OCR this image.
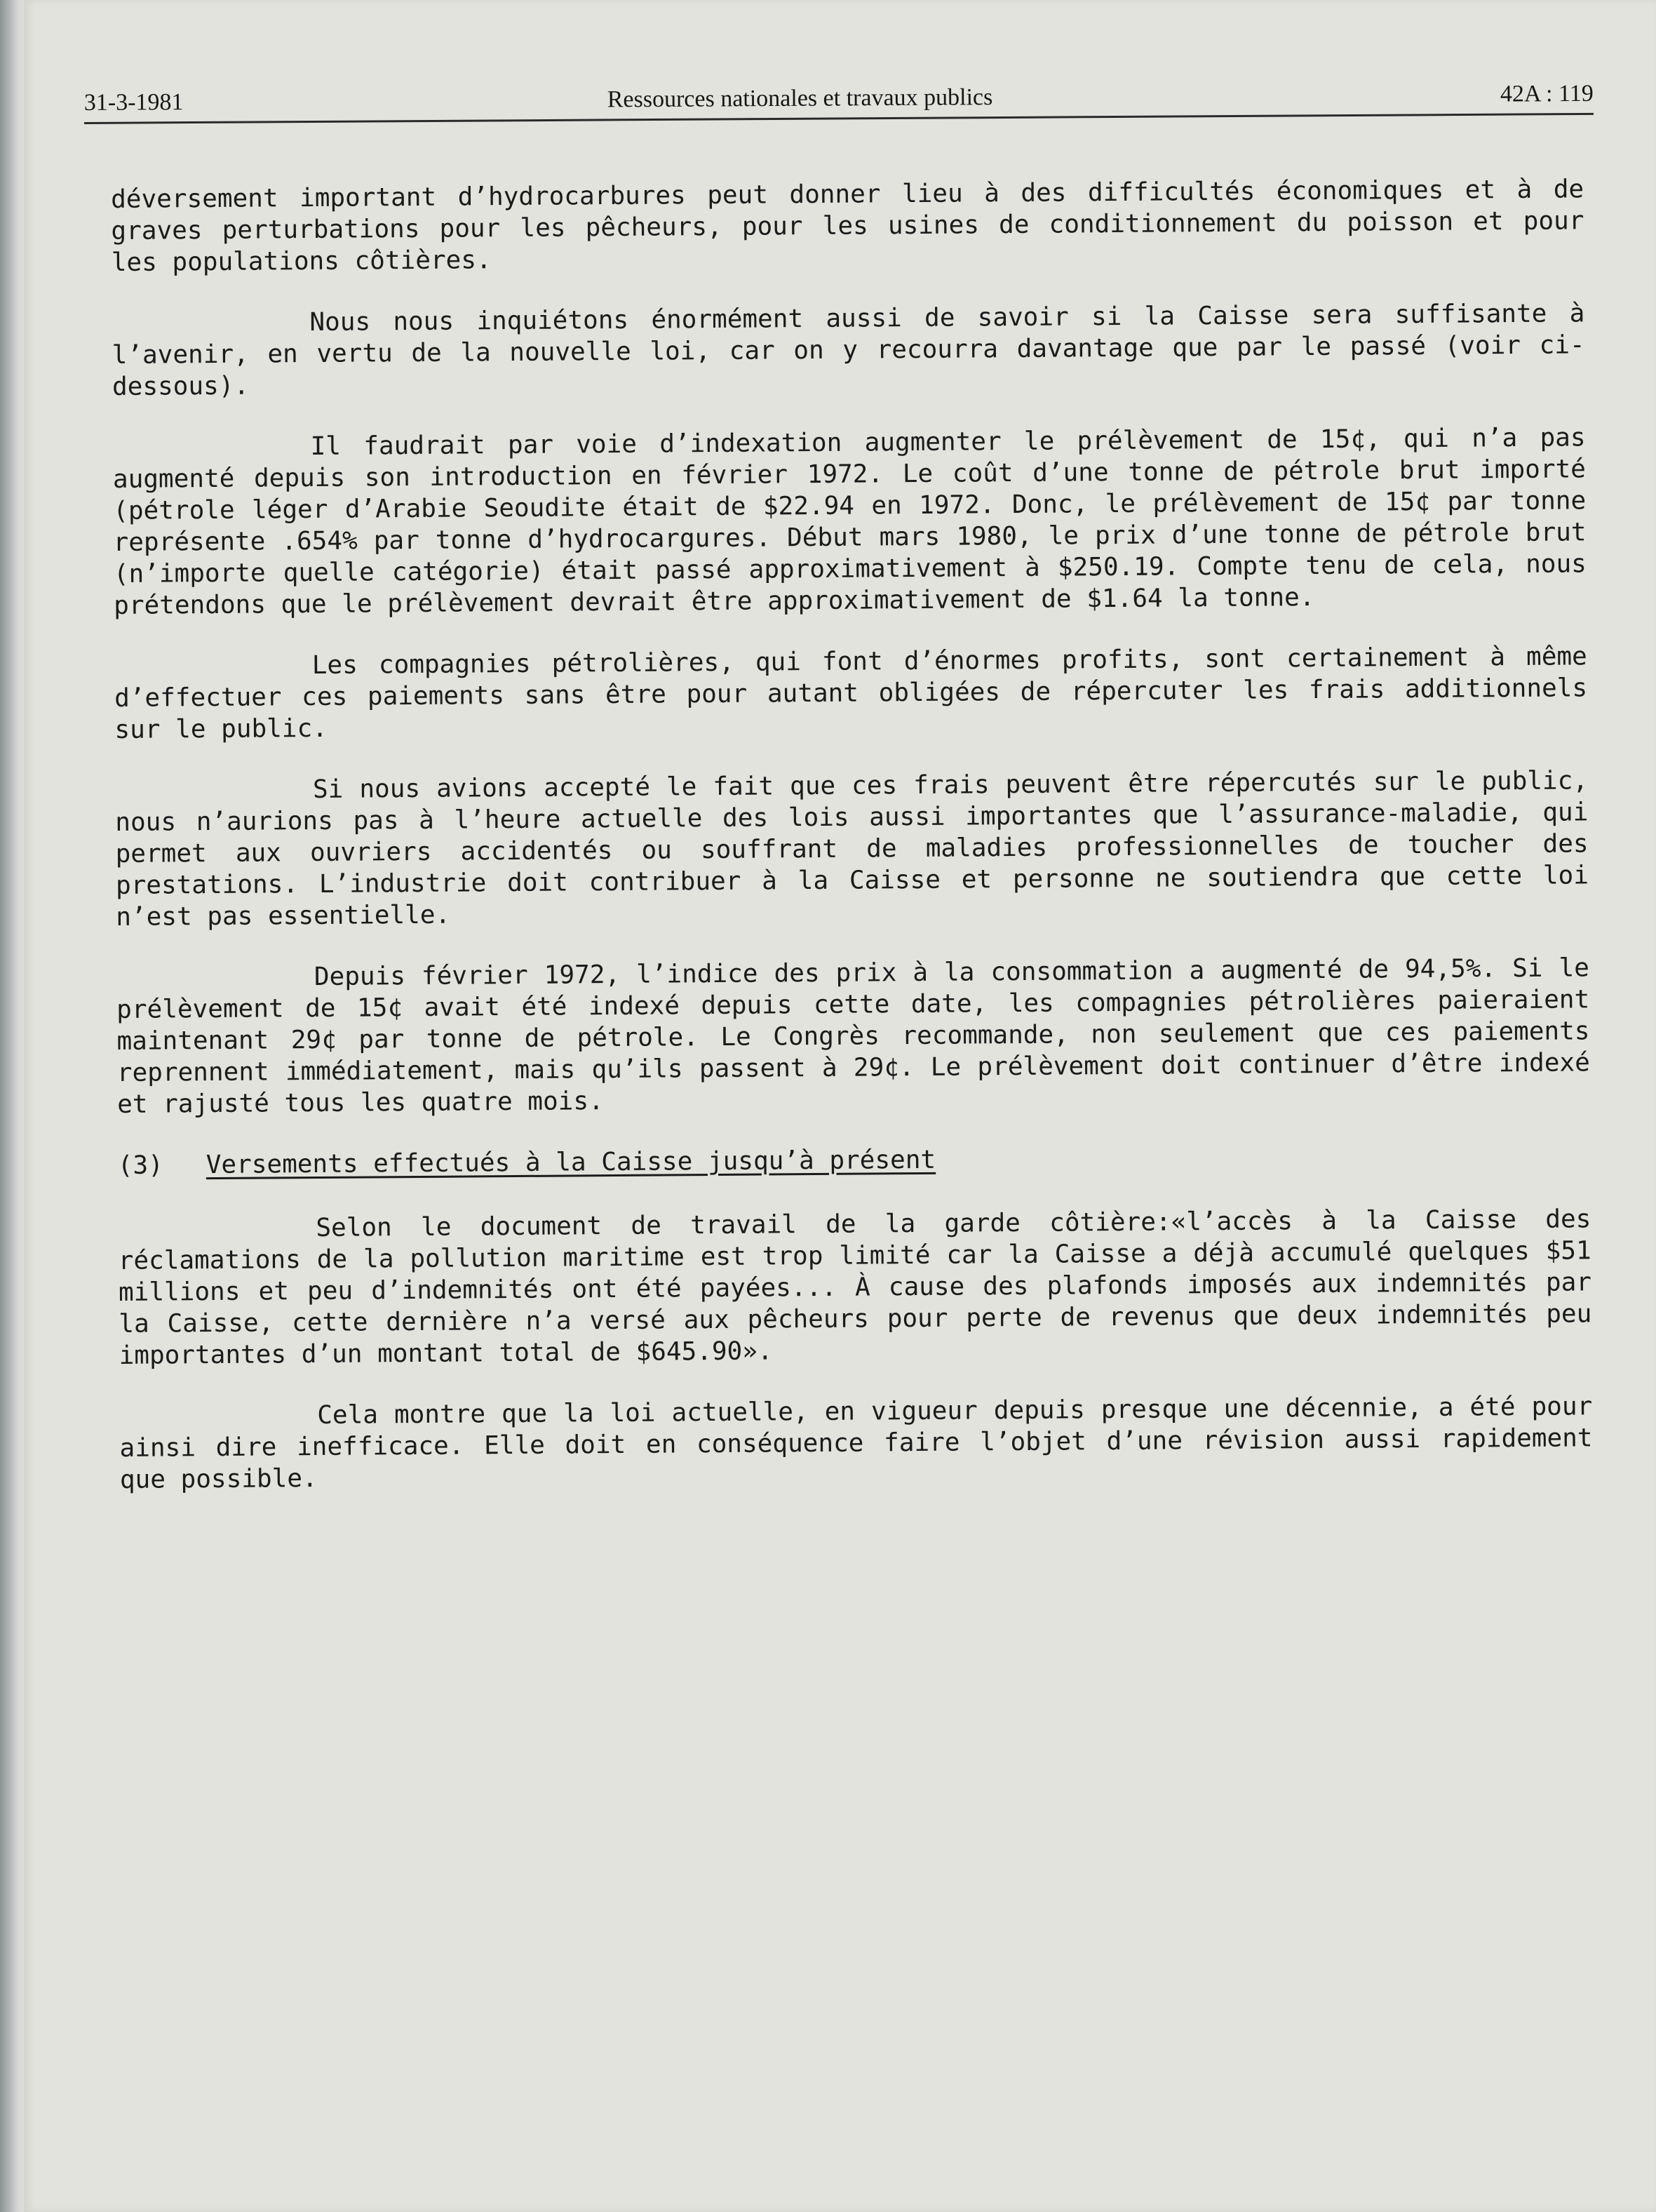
31-3-1981	Ressources nationales et travaux publics	42A : 119

déversement important d’hydrocarbures peut donner lieu à des difficultés économiques et à de graves perturbations pour les pêcheurs, pour les usines de conditionnement du poisson et pour les populations côtières.

Nous nous inquiétons énormément aussi de savoir si la Caisse sera suffisante à l’avenir, en vertu de la nouvelle loi, car on y recourra davantage que par le passé (voir ci-dessous).

Il faudrait par voie d’indexation augmenter le prélèvement de 15¢, qui n’a pas augmenté depuis son introduction en février 1972. Le coût d’une tonne de pétrole brut importé (pétrole léger d’Arabie Seoudite était de $22.94 en 1972. Donc, le prélèvement de 15¢ par tonne représente .654% par tonne d’hydrocargures. Début mars 1980, le prix d’une tonne de pétrole brut (n’importe quelle catégorie) était passé approximativement à $250.19. Compte tenu de cela, nous prétendons que le prélèvement devrait être approximativement de $1.64 la tonne.

Les compagnies pétrolières, qui font d’énormes profits, sont certainement à même d’effectuer ces paiements sans être pour autant obligées de répercuter les frais additionnels sur le public.

Si nous avions accepté le fait que ces frais peuvent être répercutés sur le public, nous n’aurions pas à l’heure actuelle des lois aussi importantes que l’assurance-maladie, qui permet aux ouvriers accidentés ou souffrant de maladies professionnelles de toucher des prestations. L’industrie doit contribuer à la Caisse et personne ne soutiendra que cette loi n’est pas essentielle.

Depuis février 1972, l’indice des prix à la consommation a augmenté de 94,5%. Si le prélèvement de 15¢ avait été indexé depuis cette date, les compagnies pétrolières paieraient maintenant 29¢ par tonne de pétrole. Le Congrès recommande, non seulement que ces paiements reprennent immédiatement, mais qu’ils passent à 29¢. Le prélèvement doit continuer d’être indexé et rajusté tous les quatre mois.

(3) Versements effectués à la Caisse jusqu’à présent

Selon le document de travail de la garde côtière:«l’accès à la Caisse des réclamations de la pollution maritime est trop limité car la Caisse a déjà accumulé quelques $51 millions et peu d’indemnités ont été payées... À cause des plafonds imposés aux indemnités par la Caisse, cette dernière n’a versé aux pêcheurs pour perte de revenus que deux indemnités peu importantes d’un montant total de $645.90».

Cela montre que la loi actuelle, en vigueur depuis presque une décennie, a été pour ainsi dire inefficace. Elle doit en conséquence faire l’objet d’une révision aussi rapidement que possible.
